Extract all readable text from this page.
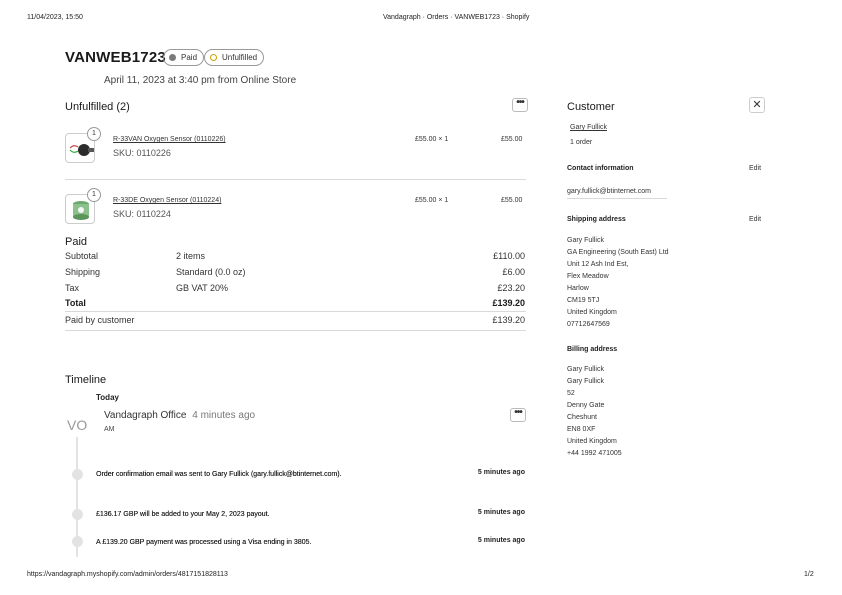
11/04/2023, 15:50	Vandagraph · Orders · VANWEB1723 · Shopify
https://vandagraph.myshopify.com/admin/orders/4817151828113	1/2
VANWEB1723	Paid	Unfulfilled
April 11, 2023 at 3:40 pm from Online Store
Unfulfilled (2)	•••
1
R-33VAN Oxygen Sensor (0110226)
SKU: 0110226
£55.00 × 1	£55.00
1
R-33DE Oxygen Sensor (0110224)
SKU: 0110224
£55.00 × 1	£55.00
Paid
Subtotal	2 items	£110.00
Shipping	Standard (0.0 oz)	£6.00
Tax	GB VAT 20%	£23.20
Total	£139.20
Paid by customer	£139.20
Timeline
Today
VO
Vandagraph Office 4 minutes ago
AM
•••
Order confirmation email was sent to Gary Fullick (gary.fullick@btinternet.com).	5 minutes ago
£136.17 GBP will be added to your May 2, 2023 payout.	5 minutes ago
A £139.20 GBP payment was processed using a Visa ending in 3805.	5 minutes ago
Customer	✕
Gary Fullick
1 order
Contact information	Edit
gary.fullick@btinternet.com
Shipping address	Edit
Gary Fullick
GA Engineering (South East) Ltd
Unit 12 Ash Ind Est,
Flex Meadow
Harlow
CM19 5TJ
United Kingdom
07712647569
Billing address
Gary Fullick
Gary Fullick
52
Denny Gate
Cheshunt
EN8 0XF
United Kingdom
+44 1992 471005
